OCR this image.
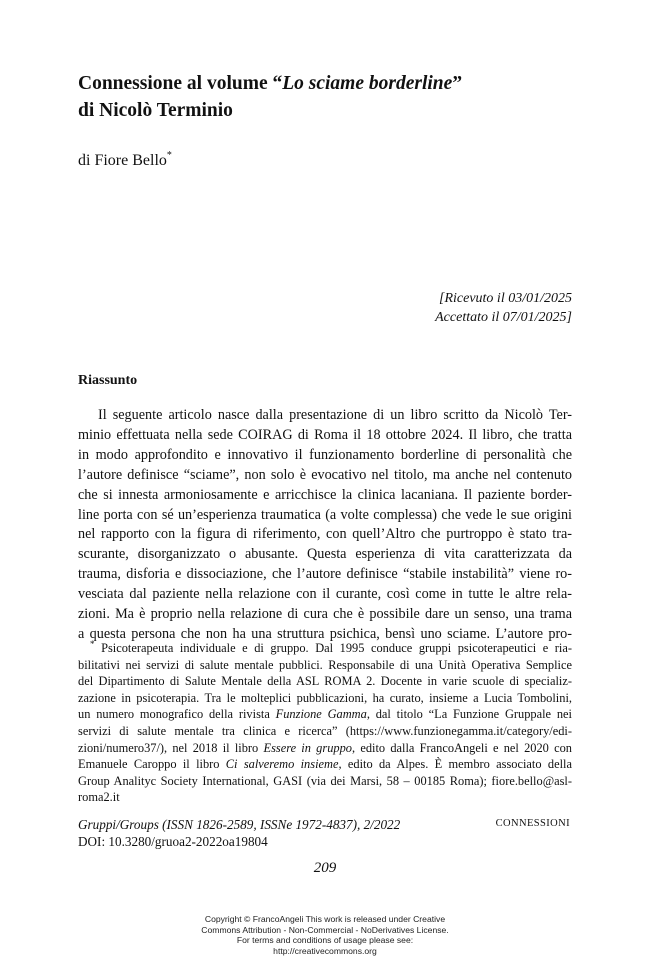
Connessione al volume “Lo sciame borderline”
di Nicolò Terminio
di Fiore Bello*
[Ricevuto il 03/01/2025
Accettato il 07/01/2025]
Riassunto
Il seguente articolo nasce dalla presentazione di un libro scritto da Nicolò Ter-
minio effettuata nella sede COIRAG di Roma il 18 ottobre 2024. Il libro, che tratta
in modo approfondito e innovativo il funzionamento borderline di personalità che
l’autore definisce “sciame”, non solo è evocativo nel titolo, ma anche nel contenuto
che si innesta armoniosamente e arricchisce la clinica lacaniana. Il paziente border-
line porta con sé un’esperienza traumatica (a volte complessa) che vede le sue origini
nel rapporto con la figura di riferimento, con quell’Altro che purtroppo è stato tra-
scurante, disorganizzato o abusante. Questa esperienza di vita caratterizzata da
trauma, disforia e dissociazione, che l’autore definisce “stabile instabilità” viene ro-
vesciata dal paziente nella relazione con il curante, così come in tutte le altre rela-
zioni. Ma è proprio nella relazione di cura che è possibile dare un senso, una trama
a questa persona che non ha una struttura psichica, bensì uno sciame. L’autore pro-
* Psicoterapeuta individuale e di gruppo. Dal 1995 conduce gruppi psicoterapeutici e ria-
bilitativi nei servizi di salute mentale pubblici. Responsabile di una Unità Operativa Semplice
del Dipartimento di Salute Mentale della ASL ROMA 2. Docente in varie scuole di specializ-
zazione in psicoterapia. Tra le molteplici pubblicazioni, ha curato, insieme a Lucia Tombolini,
un numero monografico della rivista Funzione Gamma, dal titolo “La Funzione Gruppale nei
servizi di salute mentale tra clinica e ricerca” (https://www.funzionegamma.it/category/edi-
zioni/numero37/), nel 2018 il libro Essere in gruppo, edito dalla FrancoAngeli e nel 2020 con
Emanuele Caroppo il libro Ci salveremo insieme, edito da Alpes. È membro associato della
Group Analityc Society International, GASI (via dei Marsi, 58 – 00185 Roma); fiore.bello@asl-
roma2.it
Gruppi/Groups (ISSN 1826-2589, ISSNe 1972-4837), 2/2022
DOI: 10.3280/gruoa2-2022oa19804
CONNESSIONI
209
Copyright © FrancoAngeli This work is released under Creative
Commons Attribution - Non-Commercial - NoDerivatives License.
For terms and conditions of usage please see:
http://creativecommons.org
